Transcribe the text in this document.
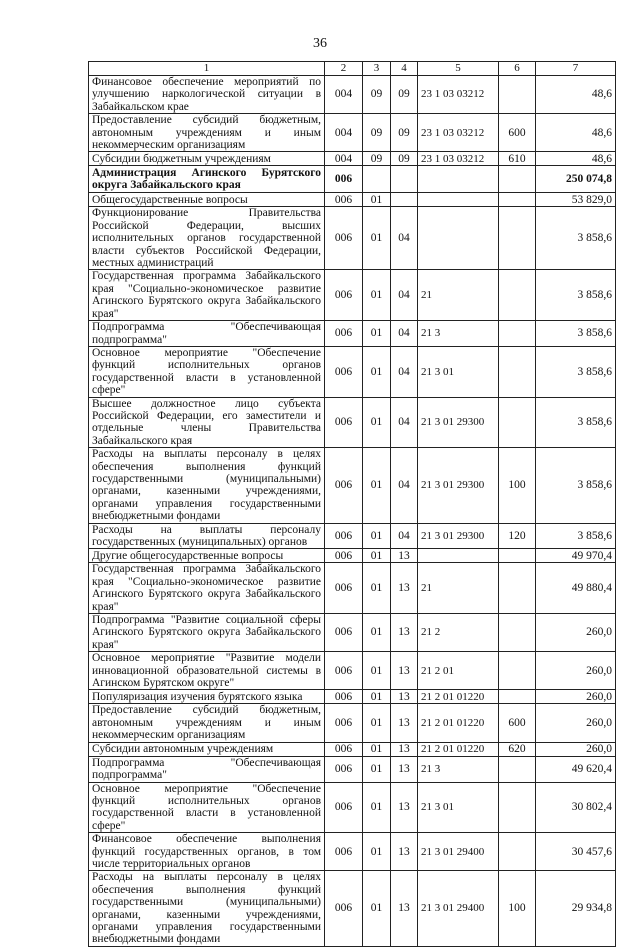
36
1	2	3	4	5	6	7
Финансовое обеспечение мероприятий по улучшению наркологической ситуации в Забайкальском крае	004	09	09	23 1 03 03212		48,6
Предоставление субсидий бюджетным, автономным учреждениям и иным некоммерческим организациям	004	09	09	23 1 03 03212	600	48,6
Субсидии бюджетным учреждениям	004	09	09	23 1 03 03212	610	48,6
Администрация Агинского Бурятского округа Забайкальского края	006					250 074,8
Общегосударственные вопросы	006	01				53 829,0
Функционирование Правительства Российской Федерации, высших исполнительных органов государственной власти субъектов Российской Федерации, местных администраций	006	01	04			3 858,6
Государственная программа Забайкальского края "Социально-экономическое развитие Агинского Бурятского округа Забайкальского края"	006	01	04	21		3 858,6
Подпрограмма "Обеспечивающая подпрограмма"	006	01	04	21 3		3 858,6
Основное мероприятие "Обеспечение функций исполнительных органов государственной власти в установленной сфере"	006	01	04	21 3 01		3 858,6
Высшее должностное лицо субъекта Российской Федерации, его заместители и отдельные члены Правительства Забайкальского края	006	01	04	21 3 01 29300		3 858,6
Расходы на выплаты персоналу в целях обеспечения выполнения функций государственными (муниципальными) органами, казенными учреждениями, органами управления государственными внебюджетными фондами	006	01	04	21 3 01 29300	100	3 858,6
Расходы на выплаты персоналу государственных (муниципальных) органов	006	01	04	21 3 01 29300	120	3 858,6
Другие общегосударственные вопросы	006	01	13			49 970,4
Государственная программа Забайкальского края "Социально-экономическое развитие Агинского Бурятского округа Забайкальского края"	006	01	13	21		49 880,4
Подпрограмма "Развитие социальной сферы Агинского Бурятского округа Забайкальского края"	006	01	13	21 2		260,0
Основное мероприятие "Развитие модели инновационной образовательной системы в Агинском Бурятском округе"	006	01	13	21 2 01		260,0
Популяризация изучения бурятского языка	006	01	13	21 2 01 01220		260,0
Предоставление субсидий бюджетным, автономным учреждениям и иным некоммерческим организациям	006	01	13	21 2 01 01220	600	260,0
Субсидии автономным учреждениям	006	01	13	21 2 01 01220	620	260,0
Подпрограмма "Обеспечивающая подпрограмма"	006	01	13	21 3		49 620,4
Основное мероприятие "Обеспечение функций исполнительных органов государственной власти в установленной сфере"	006	01	13	21 3 01		30 802,4
Финансовое обеспечение выполнения функций государственных органов, в том числе территориальных органов	006	01	13	21 3 01 29400		30 457,6
Расходы на выплаты персоналу в целях обеспечения выполнения функций государственными (муниципальными) органами, казенными учреждениями, органами управления государственными внебюджетными фондами	006	01	13	21 3 01 29400	100	29 934,8
